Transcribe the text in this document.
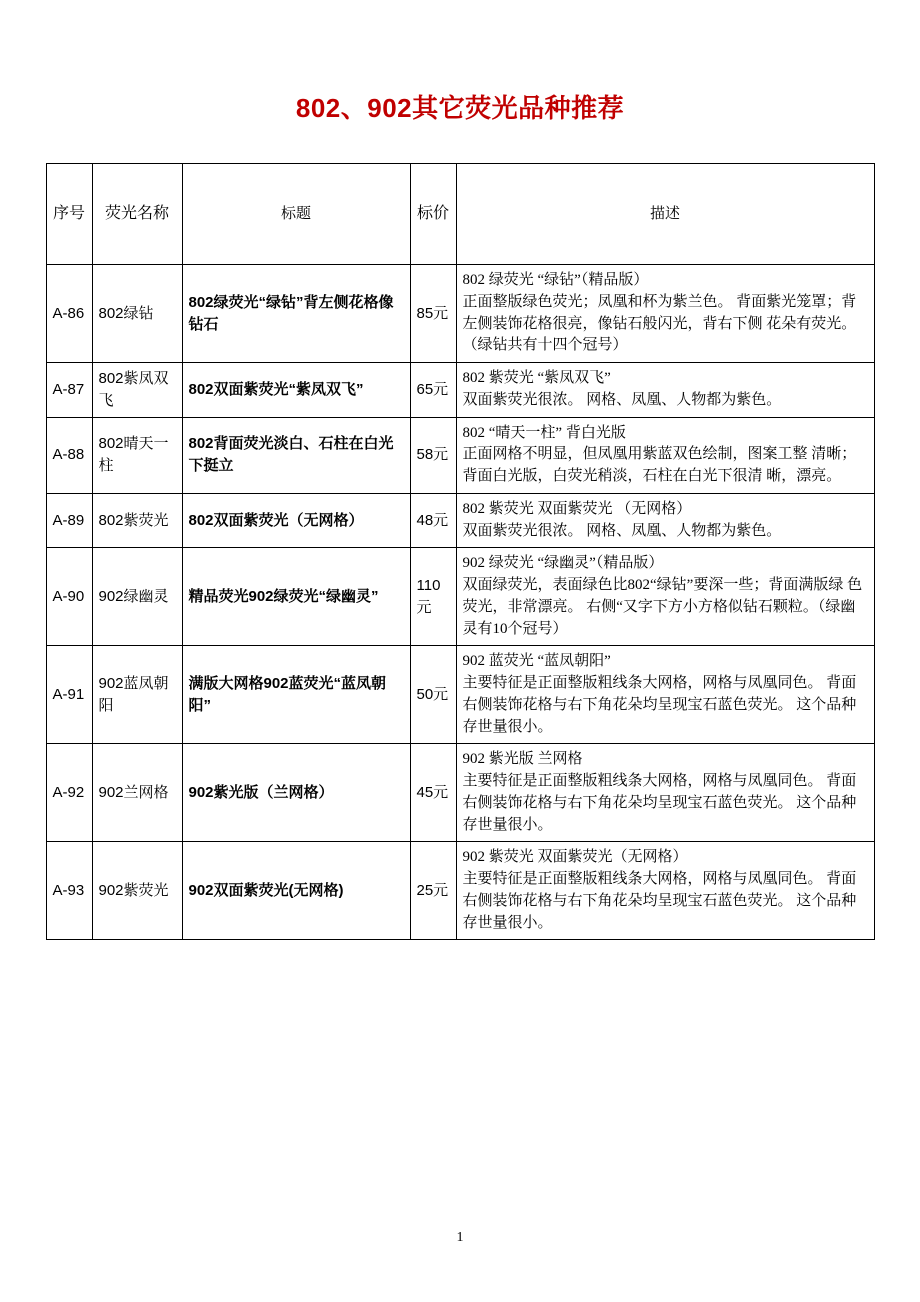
802、902其它荧光品种推荐
序号	荧光名称	标题	标价	描述
A-86	802绿钻	802绿荧光“绿钻”背左侧花格像钻石	85元	802 绿荧光 “绿钻”（精品版）
正面整版绿色荧光；凤凰和杯为紫兰色。 背面紫光笼罩；背左侧装饰花格很亮，像钻石般闪光，背右下侧 花朵有荧光。（绿钻共有十四个冠号）

A-87	802紫凤双飞	802双面紫荧光“紫凤双飞”	65元	802 紫荧光 “紫凤双飞”
双面紫荧光很浓。 网格、凤凰、人物都为紫色。

A-88	802晴天一柱	802背面荧光淡白、石柱在白光下挺立	58元	802 “晴天一柱” 背白光版
正面网格不明显，但凤凰用紫蓝双色绘制，图案工整 清晰；背面白光版，白荧光稍淡，石柱在白光下很清 晰，漂亮。

A-89	802紫荧光	802双面紫荧光（无网格）	48元	802 紫荧光 双面紫荧光 （无网格）
双面紫荧光很浓。 网格、凤凰、人物都为紫色。

A-90	902绿幽灵	精品荧光902绿荧光“绿幽灵”	110元	902 绿荧光 “绿幽灵”（精品版）
双面绿荧光，表面绿色比802“绿钻”要深一些；背面满版绿 色荧光，非常漂亮。 右侧“又字下方小方格似钻石颗粒。（绿幽灵有10个冠号）

A-91	902蓝凤朝阳	满版大网格902蓝荧光“蓝凤朝阳”	50元	902 蓝荧光 “蓝凤朝阳”
主要特征是正面整版粗线条大网格，网格与凤凰同色。 背面右侧装饰花格与右下角花朵均呈现宝石蓝色荧光。 这个品种存世量很小。

A-92	902兰网格	902紫光版（兰网格）	45元	902 紫光版 兰网格
主要特征是正面整版粗线条大网格，网格与凤凰同色。 背面右侧装饰花格与右下角花朵均呈现宝石蓝色荧光。 这个品种存世量很小。

A-93	902紫荧光	902双面紫荧光(无网格)	25元	902 紫荧光 双面紫荧光（无网格）
主要特征是正面整版粗线条大网格，网格与凤凰同色。 背面右侧装饰花格与右下角花朵均呈现宝石蓝色荧光。 这个品种存世量很小。
1
